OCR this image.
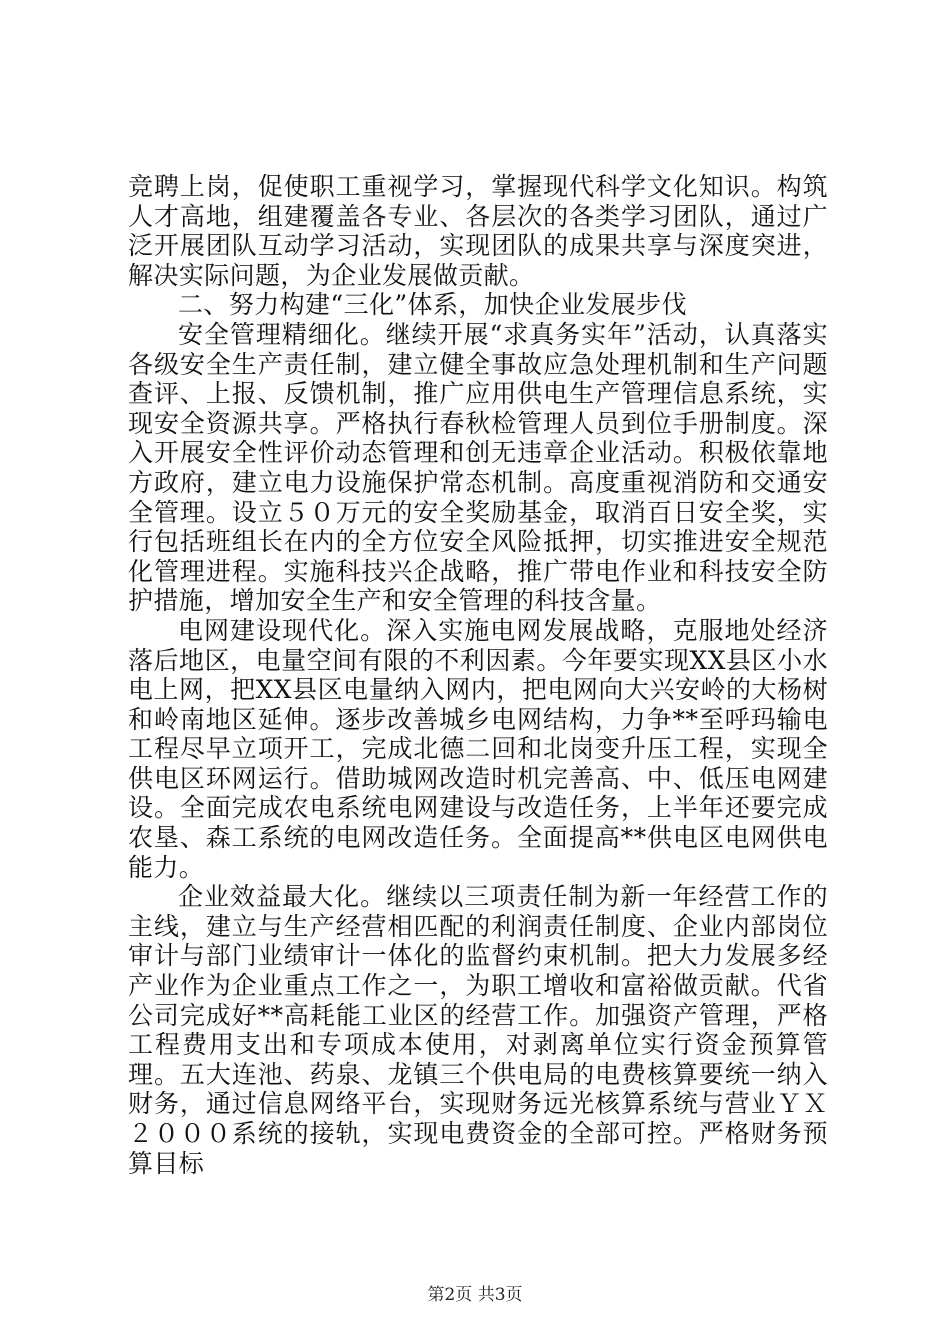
竞聘上岗，促使职工重视学习，掌握现代科学文化知识。构筑人才高地，组建覆盖各专业、各层次的各类学习团队，通过广泛开展团队互动学习活动，实现团队的成果共享与深度突进，解决实际问题，为企业发展做贡献。

二、努力构建“三化”体系，加快企业发展步伐

安全管理精细化。继续开展“求真务实年”活动，认真落实各级安全生产责任制，建立健全事故应急处理机制和生产问题查评、上报、反馈机制，推广应用供电生产管理信息系统，实现安全资源共享。严格执行春秋检管理人员到位手册制度。深入开展安全性评价动态管理和创无违章企业活动。积极依靠地方政府，建立电力设施保护常态机制。高度重视消防和交通安全管理。设立５０万元的安全奖励基金，取消百日安全奖，实行包括班组长在内的全方位安全风险抵押，切实推进安全规范化管理进程。实施科技兴企战略，推广带电作业和科技安全防护措施，增加安全生产和安全管理的科技含量。

电网建设现代化。深入实施电网发展战略，克服地处经济落后地区，电量空间有限的不利因素。今年要实现XX县区小水电上网，把XX县区电量纳入网内，把电网向大兴安岭的大杨树和岭南地区延伸。逐步改善城乡电网结构，力争**至呼玛输电工程尽早立项开工，完成北德二回和北岗变升压工程，实现全供电区环网运行。借助城网改造时机完善高、中、低压电网建设。全面完成农电系统电网建设与改造任务，上半年还要完成农垦、森工系统的电网改造任务。全面提高**供电区电网供电能力。

企业效益最大化。继续以三项责任制为新一年经营工作的主线，建立与生产经营相匹配的利润责任制度、企业内部岗位审计与部门业绩审计一体化的监督约束机制。把大力发展多经产业作为企业重点工作之一，为职工增收和富裕做贡献。代省公司完成好**高耗能工业区的经营工作。加强资产管理，严格工程费用支出和专项成本使用，对剥离单位实行资金预算管理。五大连池、药泉、龙镇三个供电局的电费核算要统一纳入财务，通过信息网络平台，实现财务远光核算系统与营业ＹＸ２０００系统的接轨，实现电费资金的全部可控。严格财务预算目标

第2页 共3页
